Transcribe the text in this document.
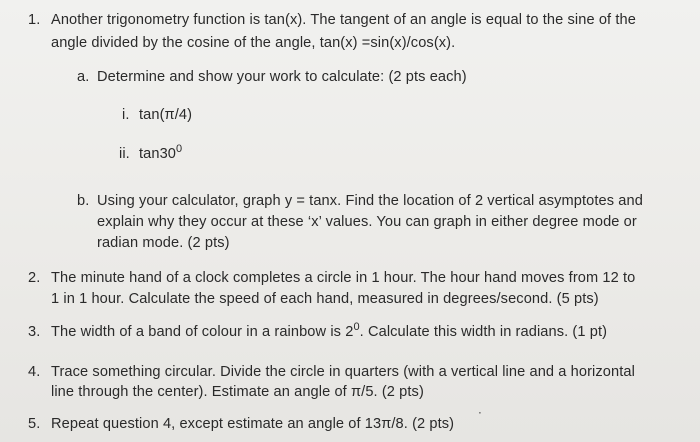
1. Another trigonometry function is tan(x). The tangent of an angle is equal to the sine of the
angle divided by the cosine of the angle, tan(x) =sin(x)/cos(x).
a. Determine and show your work to calculate: (2 pts each)
i. tan(π/4)
ii. $\tan 30^0$
b. Using your calculator, graph y = tanx. Find the location of 2 vertical asymptotes and
explain why they occur at these ‘x’ values. You can graph in either degree mode or
radian mode. (2 pts)
2. The minute hand of a clock completes a circle in 1 hour. The hour hand moves from 12 to
1 in 1 hour. Calculate the speed of each hand, measured in degrees/second. (5 pts)
3. The width of a band of colour in a rainbow is $2^0$. Calculate this width in radians. (1 pt)
4. Trace something circular. Divide the circle in quarters (with a vertical line and a horizontal
line through the center). Estimate an angle of π/5. (2 pts)
5. Repeat question 4, except estimate an angle of 13π/8. (2 pts)
⋅
